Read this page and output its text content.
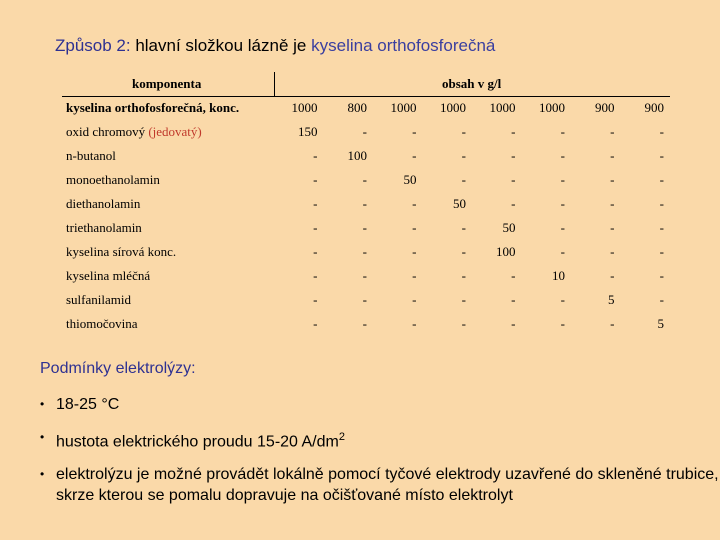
Způsob 2: hlavní složkou lázně je kyselina orthofosforečná
komponenta	obsah v g/l
kyselina orthofosforečná, konc.	1000	800	1000	1000	1000	1000	900	900
oxid chromový (jedovatý)	150	-	-	-	-	-	-	-
n-butanol	-	100	-	-	-	-	-	-
monoethanolamin	-	-	50	-	-	-	-	-
diethanolamin	-	-	-	50	-	-	-	-
triethanolamin	-	-	-	-	50	-	-	-
kyselina sírová konc.	-	-	-	-	100	-	-	-
kyselina mléčná	-	-	-	-	-	10	-	-
sulfanilamid	-	-	-	-	-	-	5	-
thiomočovina	-	-	-	-	-	-	-	5
Podmínky elektrolýzy:
• 18-25 °C
• hustota elektrického proudu 15-20 $A/dm^2$
• elektrolýzu je možné provádět lokálně pomocí tyčové elektrody uzavřené do skleněné trubice, skrze kterou se pomalu dopravuje na očišťované místo elektrolyt
